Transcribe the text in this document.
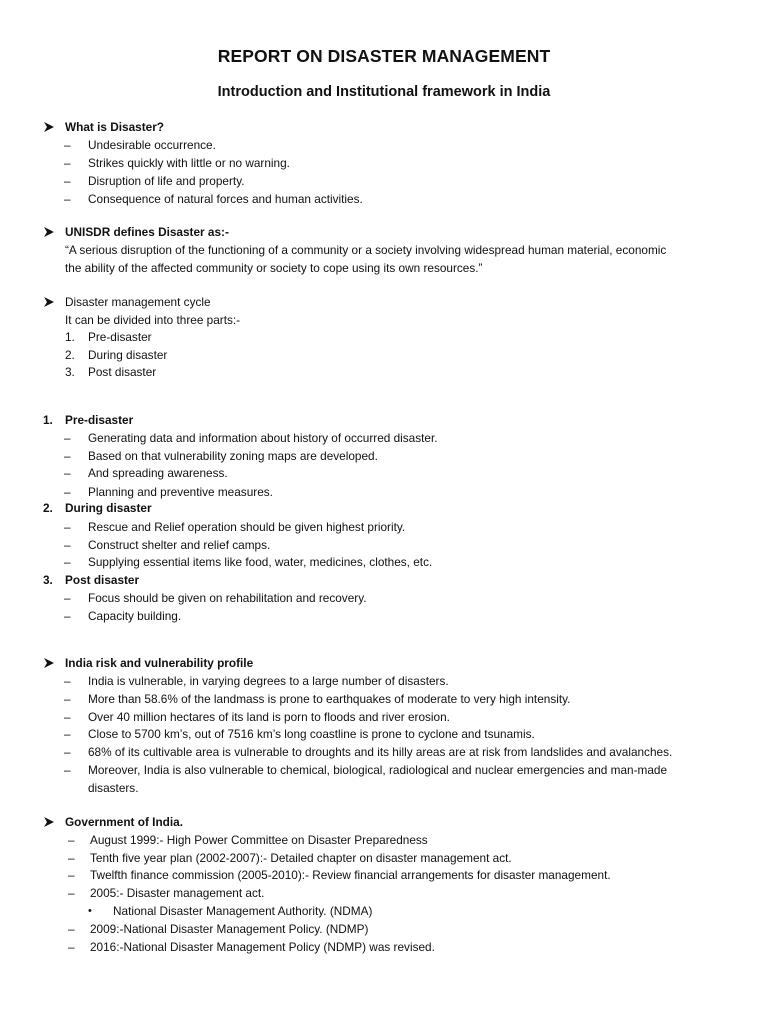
REPORT ON DISASTER MANAGEMENT
Introduction and Institutional framework in India
What is Disaster?
– Undesirable occurrence.
– Strikes quickly with little or no warning.
– Disruption of life and property.
– Consequence of natural forces and human activities.
UNISDR defines Disaster as:-
“A serious disruption of the functioning of a community or a society involving widespread human material, economic
the ability of the affected community or society to cope using its own resources.”
Disaster management cycle
It can be divided into three parts:-
1. Pre-disaster
2. During disaster
3. Post disaster
1. Pre-disaster
– Generating data and information about history of occurred disaster.
– Based on that vulnerability zoning maps are developed.
– And spreading awareness.
– Planning and preventive measures.
2. During disaster
– Rescue and Relief operation should be given highest priority.
– Construct shelter and relief camps.
– Supplying essential items like food, water, medicines, clothes, etc.
3. Post disaster
– Focus should be given on rehabilitation and recovery.
– Capacity building.
India risk and vulnerability profile
– India is vulnerable, in varying degrees to a large number of disasters.
– More than 58.6% of the landmass is prone to earthquakes of moderate to very high intensity.
– Over 40 million hectares of its land is porn to floods and river erosion.
– Close to 5700 km’s, out of 7516 km’s long coastline is prone to cyclone and tsunamis.
– 68% of its cultivable area is vulnerable to droughts and its hilly areas are at risk from landslides and avalanches.
– Moreover, India is also vulnerable to chemical, biological, radiological and nuclear emergencies and man-made
disasters.
Government of India.
– August 1999:- High Power Committee on Disaster Preparedness
– Tenth five year plan (2002-2007):- Detailed chapter on disaster management act.
– Twelfth finance commission (2005-2010):- Review financial arrangements for disaster management.
– 2005:- Disaster management act.
• National Disaster Management Authority. (NDMA)
– 2009:-National Disaster Management Policy. (NDMP)
– 2016:-National Disaster Management Policy (NDMP) was revised.
